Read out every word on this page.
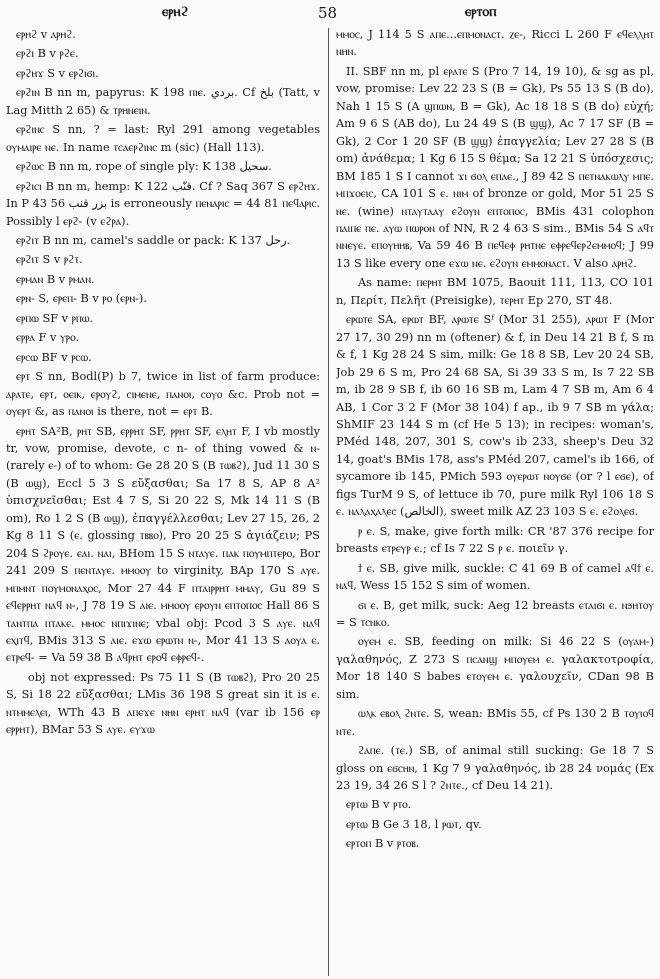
ⲉⲣⲏϩ	58	ⲉⲣⲧⲟⲡ

ⲉⲣⲏϩ v ⲁⲣⲏϩ.

ⲉⲣϩⲓ B v ⲣϩⲉ.

ⲉⲣϩⲏϫ S v ⲉⲣϩⲓϭⲓ.

ⲉⲣϩⲓⲛ B nn m, papyrus: K 198 ⲡⲓⲉ. بردي. Cf بلخ (Tatt, v Lag Mitth 2 65) & ⲧⲣⲏⲛⲉⲓⲛ.

ⲉⲣϩⲓⲛⲥ S nn, ? = last: Ryl 291 among vegetables ⲟⲩⲙⲁⲓⲣⲉ ⲛⲉ. In name ⲧⲥⲁⲉⲣϩⲓⲛⲥ m (sic) (Hall 113).

ⲉⲣϩⲱⲥ B nn m, rope of single ply: K 138 سحيل.

ⲉⲣϩⲓⲥⲓ B nn m, hemp: K 122 قنّب. Cf ? Saq 367 S ⲉⲣϩⲏϫ. In P 43 56 بزر قنب is erroneously ⲡⲉⲛⲁⲣⲓⲥ = 44 81 ⲡⲉϥⲁⲣⲓⲥ. Possibly l ⲉⲣϩ- (v ⲉϩⲣⲁ).

ⲉⲣϩⲓⲧ B nn m, camel's saddle or pack: K 137 رحل.

ⲉⲣϩⲓⲧ S v ⲣϩⲧ.

ⲉⲣⲙⲁⲛ B v ⲣⲙⲁⲛ.

ⲉⲣⲛ- S, ⲉⲣⲉⲡ- B v ⲣⲟ (ⲉⲣⲛ-).

ⲉⲣⲡⲱ SF v ⲣⲡⲱ.

ⲉⲣⲣⲁ F v ⲩⲣⲟ.

ⲉⲣⲥⲱ BF v ⲣⲥⲱ.

ⲉⲣⲧ S nn, Bodl(P) b 7, twice in list of farm produce: ⲁⲣⲁⲧⲉ, ⲉⲣⲧ, ⲟⲉⲓⲕ, ⲉⲣⲟⲩϩ, ⲥⲓⲙⲉⲛⲉ, ⲡⲁⲛⲟⲓ, ⲥⲟⲩⲟ &c. Prob not = ⲟⲩⲉⲣⲧ &, as ⲡⲁⲛⲟⲓ is there, not = ⲉⲣⲧ B.

ⲉⲣⲏⲧ SA²B, ⲣⲏⲧ SB, ⲉⲣⲣⲏⲧ SF, ⲣⲣⲏⲧ SF, ⲉⲗⲏⲧ F, I vb mostly tr, vow, promise, devote, c n- of thing vowed & ⲛ- (rarely ⲉ-) of to whom: Ge 28 20 S (B ⲧⲱⲃϩ), Jud 11 30 S (B ⲱϣ), Eccl 5 3 S εὔξασθαι; Sa 17 8 S, AP 8 A² ὑπισχνεῖσθαι; Est 4 7 S, Si 20 22 S, Mk 14 11 S (B om), Ro 1 2 S (B ⲱϣ), ἐπαγγέλλεσθαι; Lev 27 15, 26, 2 Kg 8 11 S (ⲉ. glossing ⲧⲃⲃⲟ), Pro 20 25 S ἁγιάζειν; PS 204 S ϩⲣⲟⲩⲉ. ⲉⲁⲓ. ⲛⲁⲓ, BHom 15 S ⲛⲧⲁⲩⲉ. ⲡⲁⲕ ⲡⲟⲩⲙⲡⲧⲉⲣⲟ, Bor 241 209 S ⲡⲉⲛⲧⲁⲩⲉ. ⲙⲙⲟⲟⲩ to virginity, BAp 170 S ⲁⲩⲉ. ⲙⲡⲙⲛⲧ ⲡⲟⲩⲙⲟⲛⲁⲭⲟⲥ, Mor 27 44 F ⲡⲧⲁⲓⲣⲣⲏⲧ ⲙⲙⲁⲩ, Gu 89 S ⲉϥⲉⲣⲣⲏⲧ ⲛⲁϥ ⲛ-, J 78 19 S ⲁⲓⲉ. ⲙⲙⲟⲟⲩ ⲉⲣⲟⲩⲛ ⲉⲡⲧⲟⲡⲟⲥ Hall 86 S ⲧⲁⲛⲧⲡⲁ ⲡⲧⲁⲕⲉ. ⲙⲙⲟⲥ ⲛⲡⲓϫⲓⲛⲉ; vbal obj: Pcod 3 S ⲁⲩⲉ. ⲛⲁϥ ⲉⲭⲓⲧϥ, BMis 313 S ⲁⲓⲉ. ⲉϫⲱ ⲉⲣⲱⲧⲛ ⲛ-, Mor 41 13 S ⲁⲟⲩⲁ ⲉ. ⲉⲧⲣⲉϥ- = Va 59 38 B ⲁϥⲣⲏⲧ ⲉⲣⲟϥ ⲉⲫⲣⲉϥ-.

obj not expressed: Ps 75 11 S (B ⲧⲱⲃϩ), Pro 20 25 S, Si 18 22 εὔξασθαι; LMis 36 198 S great sin it is ⲉ. ⲛⲧⲙⲙⲉⲗⲉⲓ, WTh 43 B ⲁⲡⲉϫⲉ ⲛⲏⲛ ⲉⲣⲏⲧ ⲛⲁϥ (var ib 156 ⲉⲣ ⲉⲣⲣⲏⲧ), BMar 53 S ⲁⲩⲉ. ⲉⲩϫⲱ

ⲙⲙⲟⲥ, J 114 5 S ⲁⲡⲉ...ⲉⲡⲙⲟⲛⲁⲥⲧ. ⲍⲉ-, Ricci L 260 F ⲉϥⲉⲗⲗⲏⲧ ⲛⲏⲛ.

II. SBF nn m, pl ⲉⲣⲁⲧⲉ S (Pro 7 14, 19 10), & sg as pl, vow, promise: Lev 22 23 S (B = Gk), Ps 55 13 S (B do), Nah 1 15 S (A ϣⲡⲱⲛ, B = Gk), Ac 18 18 S (B do) εὐχή; Am 9 6 S (AB do), Lu 24 49 S (B ϣϣ), Ac 7 17 SF (B = Gk), 2 Cor 1 20 SF (B ϣϣ) ἐπαγγελία; Lev 27 28 S (B om) ἀνάθεμα; 1 Kg 6 15 S θέμα; Sa 12 21 S ὑπόσχεσις; BM 185 1 S I cannot ϫⲓ ϭⲟⲗ ⲉⲡⲁⲉ., J 89 42 S ⲡⲉⲧⲛⲁⲕⲱⲗⲩ ⲙⲡⲉ. ⲙⲡϫⲟⲉⲓⲥ, CA 101 S ⲉ. ⲛⲓⲙ of bronze or gold, Mor 51 25 S ⲛⲉ. (wine) ⲛⲧⲁⲩⲧⲁⲁⲩ ⲉϩⲟⲩⲛ ⲉⲡⲧⲟⲡⲟⲥ, BMis 431 colophon ⲡⲁⲓⲡⲉ ⲡⲉ. ⲁⲩⲱ ⲡⲱⲣⲟⲛ of NN, R 2 4 63 S sim., BMis 54 S ⲁϥⲧ ⲛⲛⲉⲩⲉ. ⲉⲡⲟⲩⲏⲏⲃ, Va 59 46 B ⲡⲉϥⲉⲫ ⲣⲏⲧⲛⲉ ⲉⲫⲣⲉϥⲉⲣϩⲉⲙⲙⲟϥ; J 99 13 S like every one ⲉϫⲱ ⲛⲉ. ⲉϩⲟⲩⲛ ⲉⲙⲙⲟⲛⲁⲥⲧ. V also ⲁⲣⲏϩ.

As name: ⲡⲉⲣⲏⲧ BM 1075, Baouit 111, 113, CO 101 n, Περίτ, Πελῆτ (Preisigke), ⲧⲉⲣⲏⲧ Ep 270, ST 48.

ⲉⲣⲱⲧⲉ SA, ⲉⲣⲱⲧ BF, ⲁⲣⲱⲧⲉ Sᶠ (Mor 31 255), ⲁⲣⲱⲧ F (Mor 27 17, 30 29) nn m (oftener) & f, in Deu 14 21 B f, S m & f, 1 Kg 28 24 S sim, milk: Ge 18 8 SB, Lev 20 24 SB, Job 29 6 S m, Pro 24 68 SA, Si 39 33 S m, Is 7 22 SB m, ib 28 9 SB f, ib 60 16 SB m, Lam 4 7 SB m, Am 6 4 AB, 1 Cor 3 2 F (Mor 38 104) f ap., ib 9 7 SB m γάλα; ShMIF 23 144 S m (cf He 5 13); in recipes: woman's, PMéd 148, 207, 301 S, cow's ib 233, sheep's Deu 32 14, goat's BMis 178, ass's PMéd 207, camel's ib 166, of sycamore ib 145, PMich 593 ⲟⲩⲉⲣⲱⲧ ⲛⲟⲩϭⲉ (or ? l ⲉϭⲉ), of figs TurM 9 S, of lettuce ib 70, pure milk Ryl 106 18 S ⲉ. ⲛⲁⲗⲁⲭⲁⲗⲉⲥ (الخالص), sweet milk AZ 23 103 S ⲉ. ⲉϩⲟⲗⲉϭ.

ⲣ ⲉ. S, make, give forth milk: CR '87 376 recipe for breasts ⲉⲧⲣⲉⲩⲣ ⲉ.; cf Is 7 22 S ⲣ ⲉ. ποιεῖν γ.

ϯ ⲉ. SB, give milk, suckle: C 41 69 B of camel ⲁϥϯ ⲉ. ⲛⲁϥ, Wess 15 152 S sim of women.

ϭⲓ ⲉ. B, get milk, suck: Aeg 12 breasts ⲉⲧⲁⲓϭⲓ ⲉ. ⲛϧⲏⲧⲟⲩ = S ⲧⲥⲛⲕⲟ.

ⲟⲩⲉⲙ ⲉ. SB, feeding on milk: Si 46 22 S (ⲟⲩⲁⲙ-) γαλαθηνός, Z 273 S ⲡⲥⲁⲛϣ ⲙⲡⲟⲩⲉⲙ ⲉ. γαλακτοτροφία, Mor 18 140 S babes ⲉⲧⲟⲩⲉⲙ ⲉ. γαλουχεῖν, CDan 98 B sim.

ⲱⲗⲕ ⲉⲃⲟⲗ ϩⲛⲧⲉ. S, wean: BMis 55, cf Ps 130 2 B ⲧⲟⲩⲓⲟϥ ⲛⲧⲉ.

ϩⲁⲡⲉ. (ⲧⲉ.) SB, of animal still sucking: Ge 18 7 S gloss on ⲉϭⲥⲏⲛ, 1 Kg 7 9 γαλαθηνός, ib 28 24 νομάς (Ex 23 19, 34 26 S l ? ϩⲛⲧⲉ., cf Deu 14 21).

ⲉⲣⲧⲱ B v ⲣⲧⲟ.

ⲉⲣⲧⲱ B Ge 3 18, l ⲣⲱⲧ, qv.

ⲉⲣⲧⲟⲡ B v ⲣⲧⲟⲃ.
